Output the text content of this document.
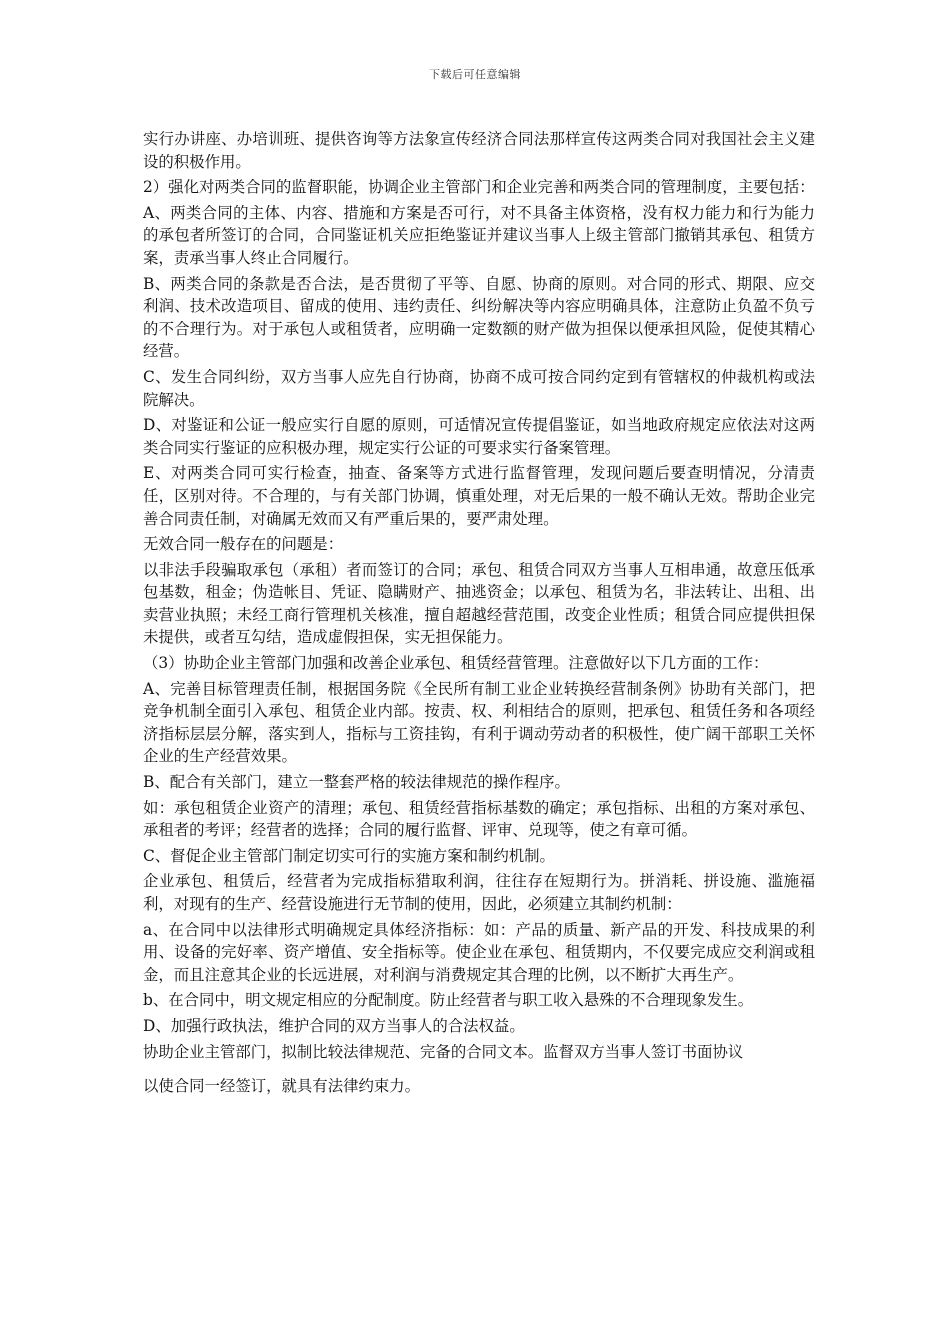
下载后可任意编辑

实行办讲座、办培训班、提供咨询等方法象宣传经济合同法那样宣传这两类合同对我国社会主义建设的积极作用。

2）强化对两类合同的监督职能，协调企业主管部门和企业完善和两类合同的管理制度，主要包括：

A、两类合同的主体、内容、措施和方案是否可行，对不具备主体资格，没有权力能力和行为能力的承包者所签订的合同，合同鉴证机关应拒绝鉴证并建议当事人上级主管部门撤销其承包、租赁方案，责承当事人终止合同履行。

B、两类合同的条款是否合法，是否贯彻了平等、自愿、协商的原则。对合同的形式、期限、应交利润、技术改造项目、留成的使用、违约责任、纠纷解决等内容应明确具体，注意防止负盈不负亏的不合理行为。对于承包人或租赁者，应明确一定数额的财产做为担保以便承担风险，促使其精心经营。

C、发生合同纠纷，双方当事人应先自行协商，协商不成可按合同约定到有管辖权的仲裁机构或法院解决。

D、对鉴证和公证一般应实行自愿的原则，可适情况宣传提倡鉴证，如当地政府规定应依法对这两类合同实行鉴证的应积极办理，规定实行公证的可要求实行备案管理。

E、对两类合同可实行检查，抽查、备案等方式进行监督管理，发现问题后要查明情况，分清责任，区别对待。不合理的，与有关部门协调，慎重处理，对无后果的一般不确认无效。帮助企业完善合同责任制，对确属无效而又有严重后果的，要严肃处理。

无效合同一般存在的问题是：

以非法手段骗取承包（承租）者而签订的合同；承包、租赁合同双方当事人互相串通，故意压低承包基数，租金；伪造帐目、凭证、隐瞒财产、抽逃资金；以承包、租赁为名，非法转让、出租、出卖营业执照；未经工商行管理机关核准，擅自超越经营范围，改变企业性质；租赁合同应提供担保未提供，或者互勾结，造成虚假担保，实无担保能力。

（3）协助企业主管部门加强和改善企业承包、租赁经营管理。注意做好以下几方面的工作：

A、完善目标管理责任制，根据国务院《全民所有制工业企业转换经营制条例》协助有关部门，把竞争机制全面引入承包、租赁企业内部。按责、权、利相结合的原则，把承包、租赁任务和各项经济指标层层分解，落实到人，指标与工资挂钩，有利于调动劳动者的积极性，使广阔干部职工关怀企业的生产经营效果。

B、配合有关部门，建立一整套严格的较法律规范的操作程序。

如：承包租赁企业资产的清理；承包、租赁经营指标基数的确定；承包指标、出租的方案对承包、承租者的考评；经营者的选择；合同的履行监督、评审、兑现等，使之有章可循。

C、督促企业主管部门制定切实可行的实施方案和制约机制。

企业承包、租赁后，经营者为完成指标猎取利润，往往存在短期行为。拼消耗、拼设施、滥施福利，对现有的生产、经营设施进行无节制的使用，因此，必须建立其制约机制：

a、在合同中以法律形式明确规定具体经济指标：如：产品的质量、新产品的开发、科技成果的利用、设备的完好率、资产增值、安全指标等。使企业在承包、租赁期内，不仅要完成应交利润或租金，而且注意其企业的长远进展，对利润与消费规定其合理的比例，以不断扩大再生产。

b、在合同中，明文规定相应的分配制度。防止经营者与职工收入悬殊的不合理现象发生。

D、加强行政执法，维护合同的双方当事人的合法权益。

协助企业主管部门，拟制比较法律规范、完备的合同文本。监督双方当事人签订书面协议

以使合同一经签订，就具有法律约束力。
